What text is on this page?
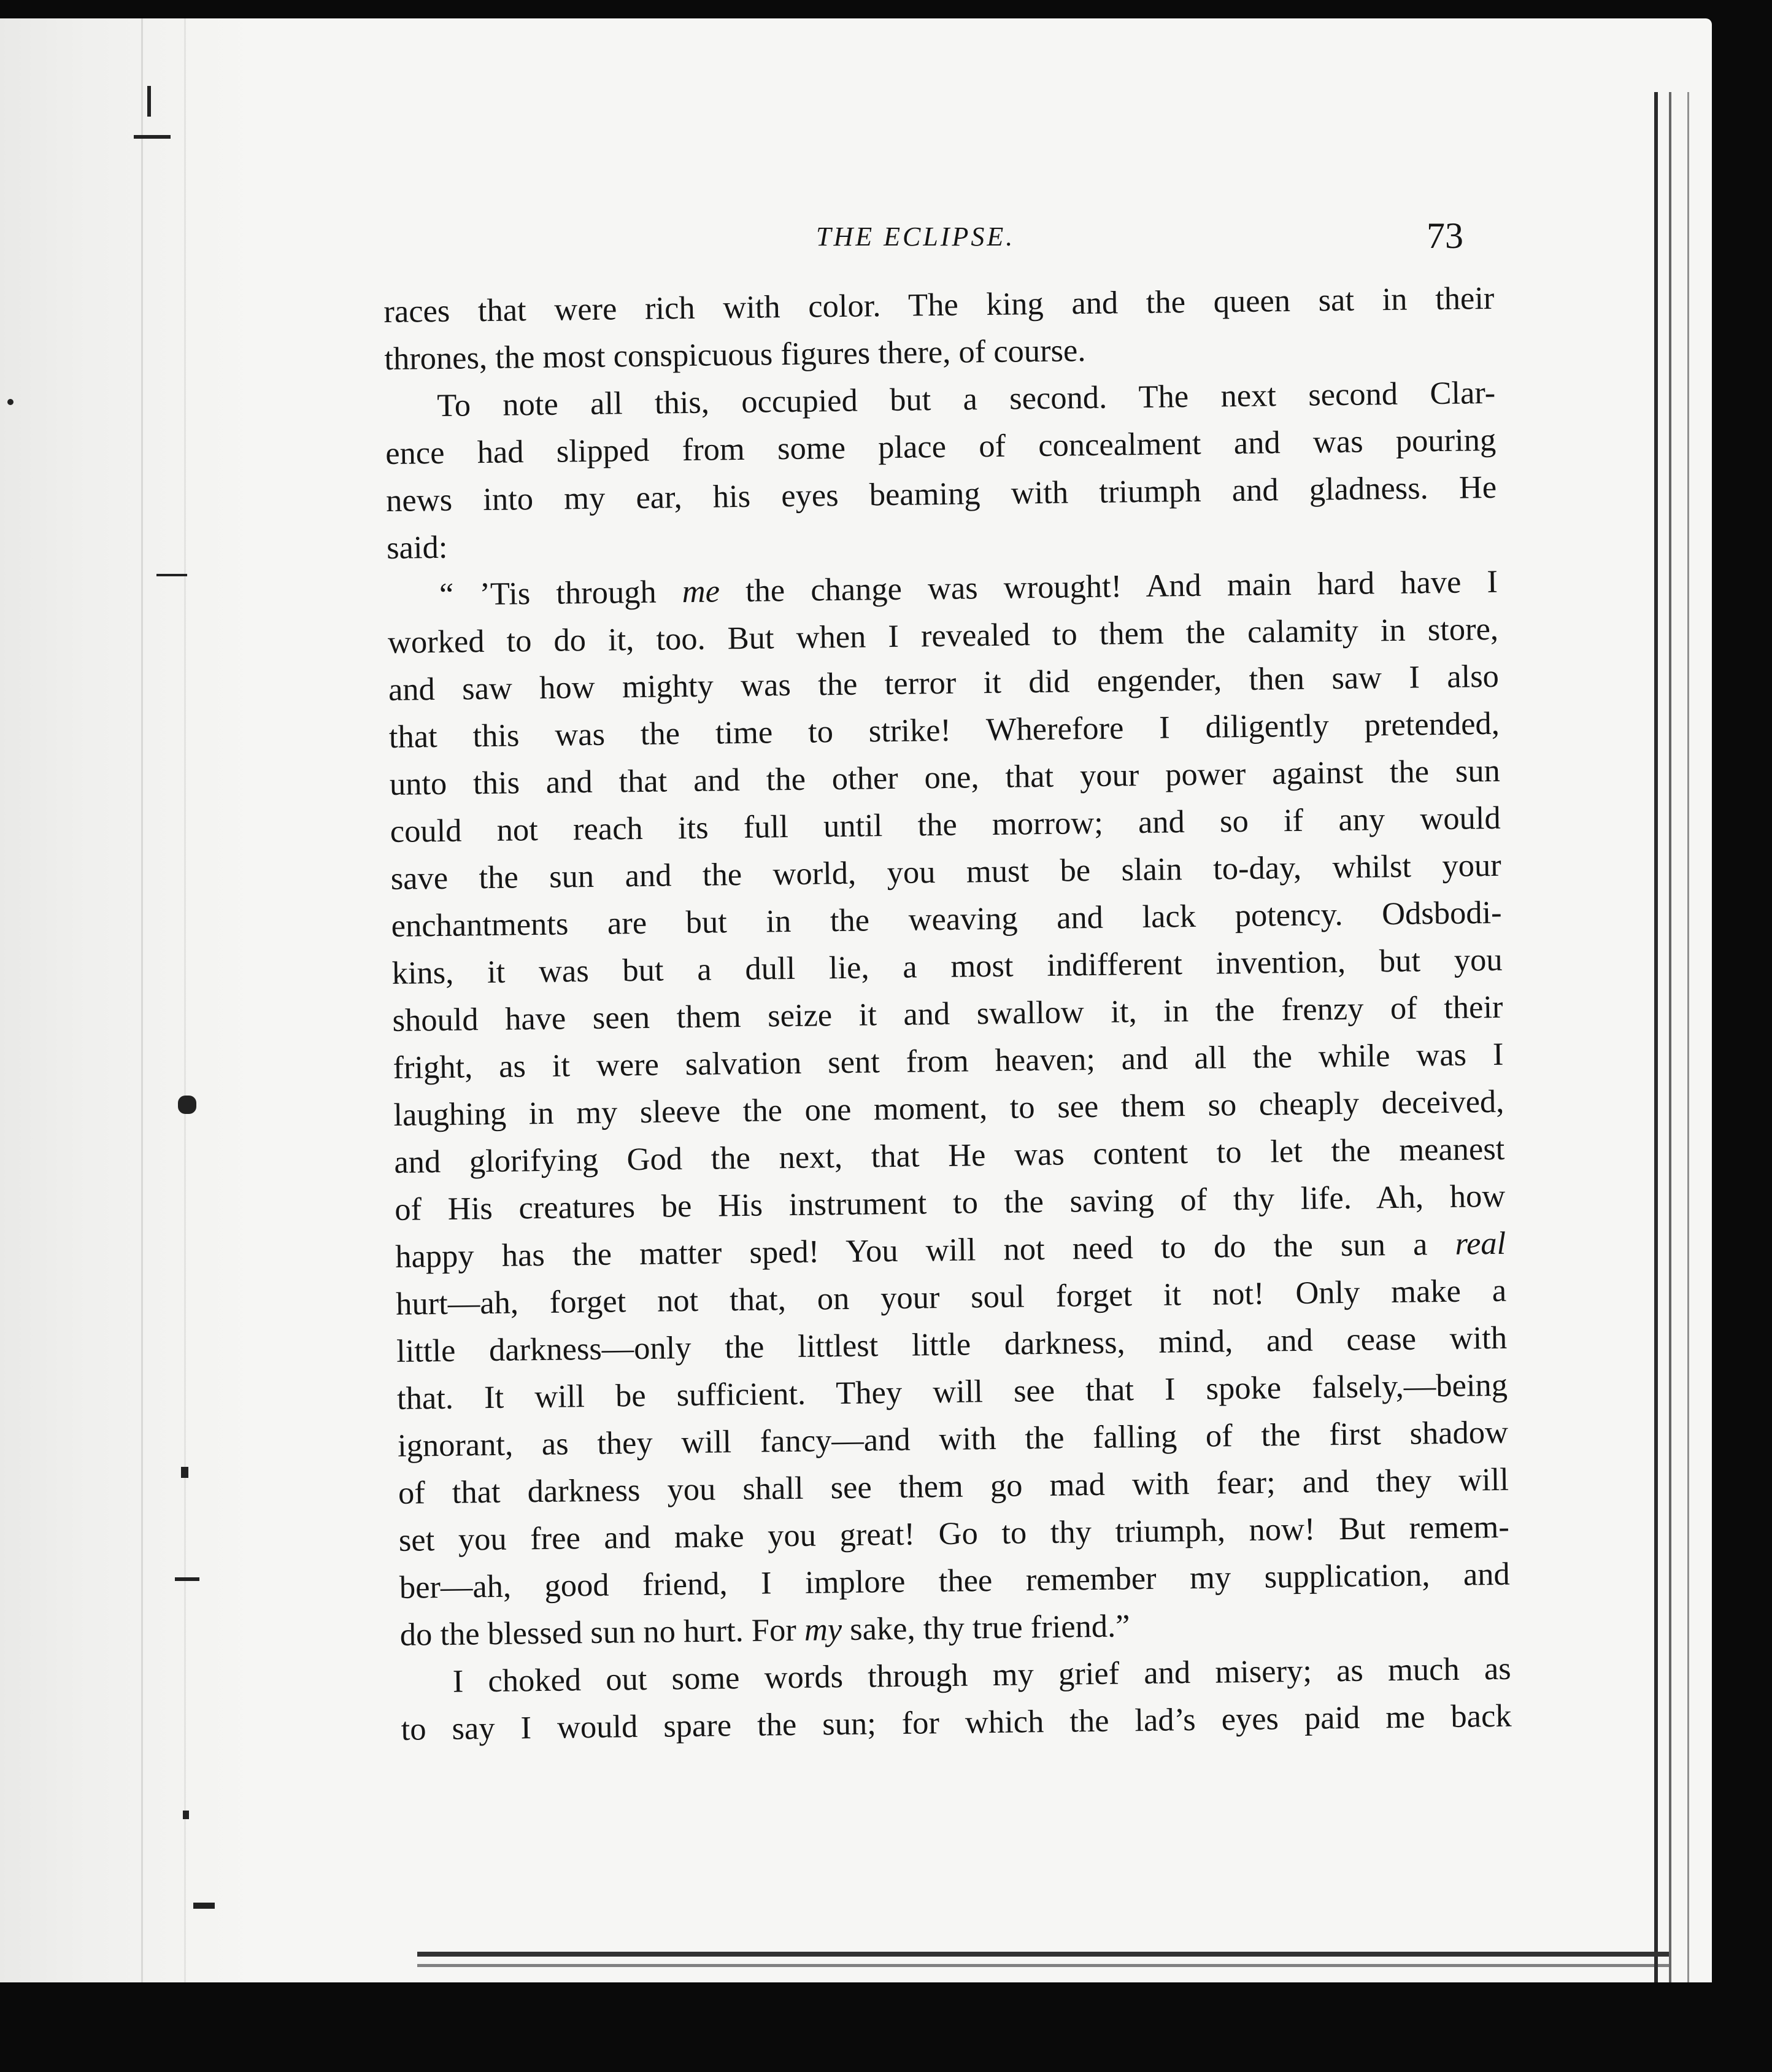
THE ECLIPSE.	73
races that were rich with color. The king and the queen sat in their
thrones, the most conspicuous figures there, of course.
To note all this, occupied but a second. The next second Clar-
ence had slipped from some place of concealment and was pouring
news into my ear, his eyes beaming with triumph and gladness. He
said:
“ ’Tis through me the change was wrought! And main hard have I
worked to do it, too. But when I revealed to them the calamity in store,
and saw how mighty was the terror it did engender, then saw I also
that this was the time to strike! Wherefore I diligently pretended,
unto this and that and the other one, that your power against the sun
could not reach its full until the morrow; and so if any would
save the sun and the world, you must be slain to-day, whilst your
enchantments are but in the weaving and lack potency. Odsbodi-
kins, it was but a dull lie, a most indifferent invention, but you
should have seen them seize it and swallow it, in the frenzy of their
fright, as it were salvation sent from heaven; and all the while was I
laughing in my sleeve the one moment, to see them so cheaply deceived,
and glorifying God the next, that He was content to let the meanest
of His creatures be His instrument to the saving of thy life. Ah, how
happy has the matter sped! You will not need to do the sun a real
hurt—ah, forget not that, on your soul forget it not! Only make a
little darkness—only the littlest little darkness, mind, and cease with
that. It will be sufficient. They will see that I spoke falsely,—being
ignorant, as they will fancy—and with the falling of the first shadow
of that darkness you shall see them go mad with fear; and they will
set you free and make you great! Go to thy triumph, now! But remem-
ber—ah, good friend, I implore thee remember my supplication, and
do the blessed sun no hurt. For my sake, thy true friend.”
I choked out some words through my grief and misery; as much as
to say I would spare the sun; for which the lad’s eyes paid me back
